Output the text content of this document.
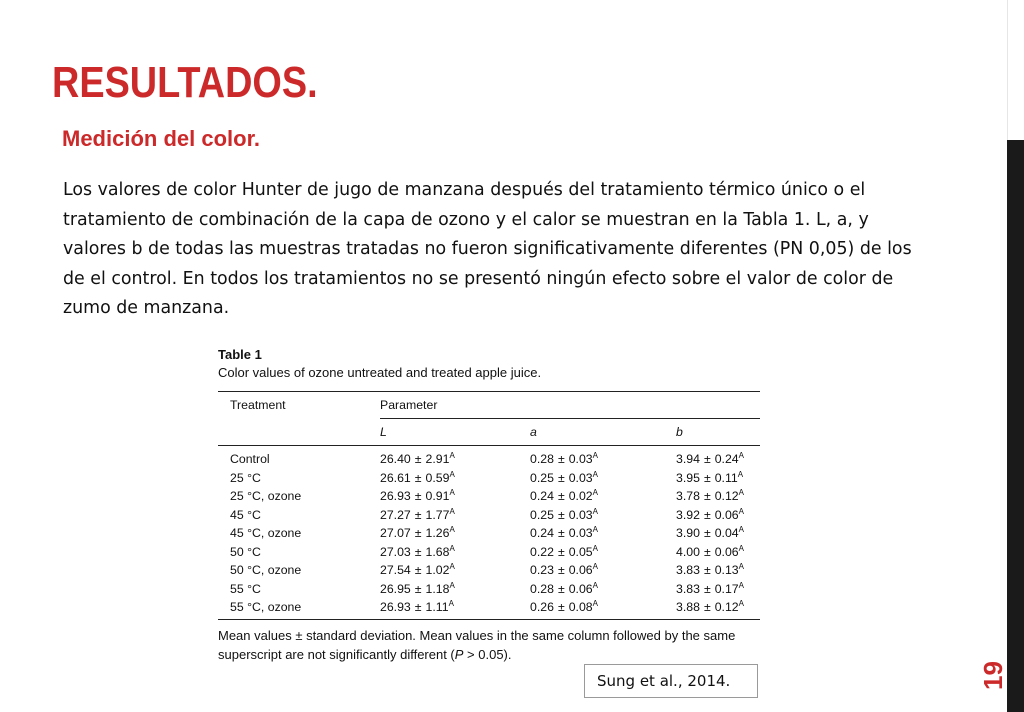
RESULTADOS.
Medición del color.

Los valores de color Hunter de jugo de manzana después del tratamiento térmico único o el tratamiento de combinación de la capa de ozono y el calor se muestran en la Tabla 1. L, a, y valores b de todas las muestras tratadas no fueron significativamente diferentes (PN 0,05) de los de el control. En todos los tratamientos no se presentó ningún efecto sobre el valor de color de zumo de manzana.

Table 1

Color values of ozone untreated and treated apple juice.

Treatment	Parameter		
	L	a	b
Control	$26.40 \pm 2.91^A$	$0.28 \pm 0.03^A$	$3.94 \pm 0.24^A$
25 °C	$26.61 \pm 0.59^A$	$0.25 \pm 0.03^A$	$3.95 \pm 0.11^A$
25 °C, ozone	$26.93 \pm 0.91^A$	$0.24 \pm 0.02^A$	$3.78 \pm 0.12^A$
45 °C	$27.27 \pm 1.77^A$	$0.25 \pm 0.03^A$	$3.92 \pm 0.06^A$
45 °C, ozone	$27.07 \pm 1.26^A$	$0.24 \pm 0.03^A$	$3.90 \pm 0.04^A$
50 °C	$27.03 \pm 1.68^A$	$0.22 \pm 0.05^A$	$4.00 \pm 0.06^A$
50 °C, ozone	$27.54 \pm 1.02^A$	$0.23 \pm 0.06^A$	$3.83 \pm 0.13^A$
55 °C	$26.95 \pm 1.18^A$	$0.28 \pm 0.06^A$	$3.83 \pm 0.17^A$
55 °C, ozone	$26.93 \pm 1.11^A$	$0.26 \pm 0.08^A$	$3.88 \pm 0.12^A$

Mean values ± standard deviation. Mean values in the same column followed by the same superscript are not significantly different (P > 0.05).

Sung et al., 2014.	19
